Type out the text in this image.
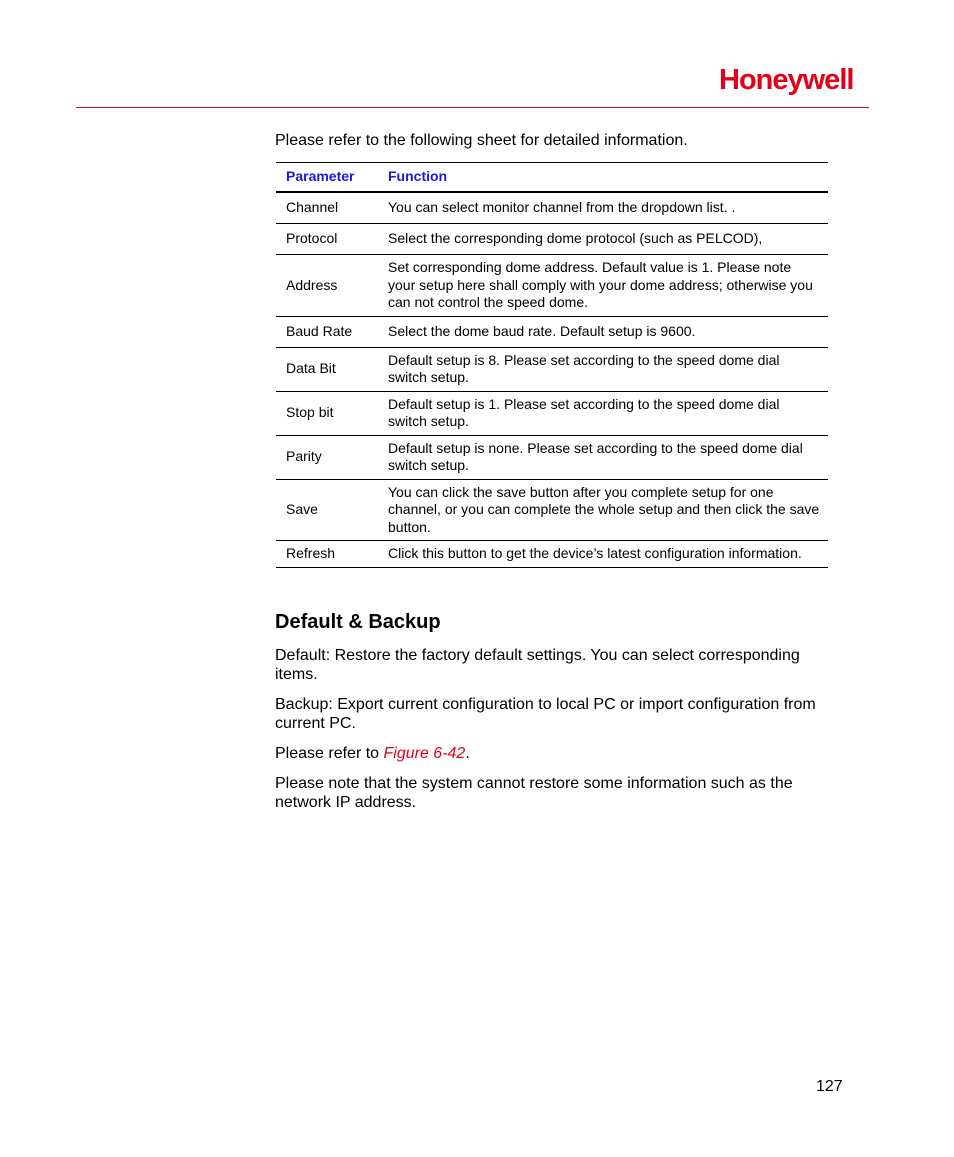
Honeywell
Please refer to the following sheet for detailed information.
Parameter	Function
Channel	You can select monitor channel from the dropdown list. .
Protocol	Select the corresponding dome protocol (such as PELCOD),
Address	Set corresponding dome address. Default value is 1. Please note your setup here shall comply with your dome address; otherwise you can not control the speed dome.
Baud Rate	Select the dome baud rate. Default setup is 9600.
Data Bit	Default setup is 8. Please set according to the speed dome dial switch setup.
Stop bit	Default setup is 1. Please set according to the speed dome dial switch setup.
Parity	Default setup is none. Please set according to the speed dome dial switch setup.
Save	You can click the save button after you complete setup for one channel, or you can complete the whole setup and then click the save button.
Refresh	Click this button to get the device’s latest configuration information.
Default & Backup

Default: Restore the factory default settings. You can select corresponding items.

Backup: Export current configuration to local PC or import configuration from current PC.

Please refer to Figure 6-42.

Please note that the system cannot restore some information such as the network IP address.

127
